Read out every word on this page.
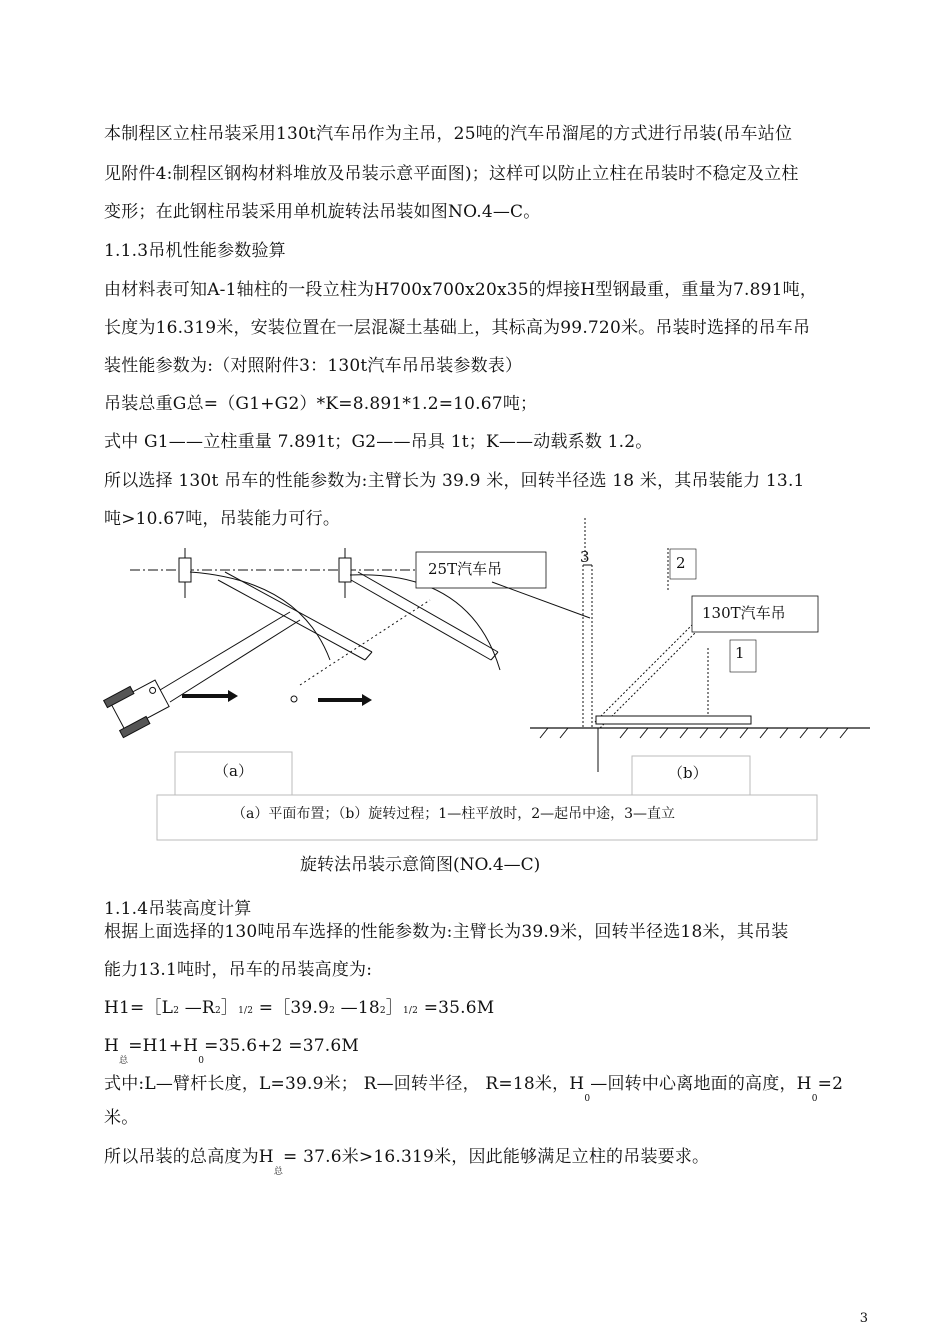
本制程区立柱吊装采用130t汽车吊作为主吊，25吨的汽车吊溜尾的方式进行吊装(吊车站位
见附件4:制程区钢构材料堆放及吊装示意平面图)；这样可以防止立柱在吊装时不稳定及立柱
变形；在此钢柱吊装采用单机旋转法吊装如图NO.4—C。
1.1.3吊机性能参数验算
由材料表可知A-1轴柱的一段立柱为H700x700x20x35的焊接H型钢最重，重量为7.891吨，
长度为16.319米，安装位置在一层混凝土基础上，其标高为99.720米。吊装时选择的吊车吊
装性能参数为:（对照附件3：130t汽车吊吊装参数表）
吊装总重G总=（G1+G2）*K=8.891*1.2=10.67吨；
式中 G1——立柱重量 7.891t；G2——吊具 1t；K——动载系数 1.2。
所以选择 130t 吊车的性能参数为:主臂长为 39.9 米，回转半径选 18 米，其吊装能力 13.1
吨>10.67吨，吊装能力可行。
25T汽车吊
3	2
1
130T汽车吊
（a）	（b）
（a）平面布置；（b）旋转过程；1—柱平放时，2—起吊中途，3—直立
旋转法吊装示意简图(NO.4—C)
1.1.4吊装高度计算
根据上面选择的130吨吊车选择的性能参数为:主臂长为39.9米，回转半径选18米，其吊装
能力13.1吨时，吊车的吊装高度为:
H1=［L2 —R2］1/2 =［39.92 —182］1/2 =35.6M
$H_总=H1+H_0=35.6+2 =37.6M$
式中:L—臂杆长度，L=39.9米； R—回转半径， R=18米，$H_0—$回转中心离地面的高度，$H_0=2$
米。
所以吊装的总高度为$H_总= 37.6$米>16.319米，因此能够满足立柱的吊装要求。
3
